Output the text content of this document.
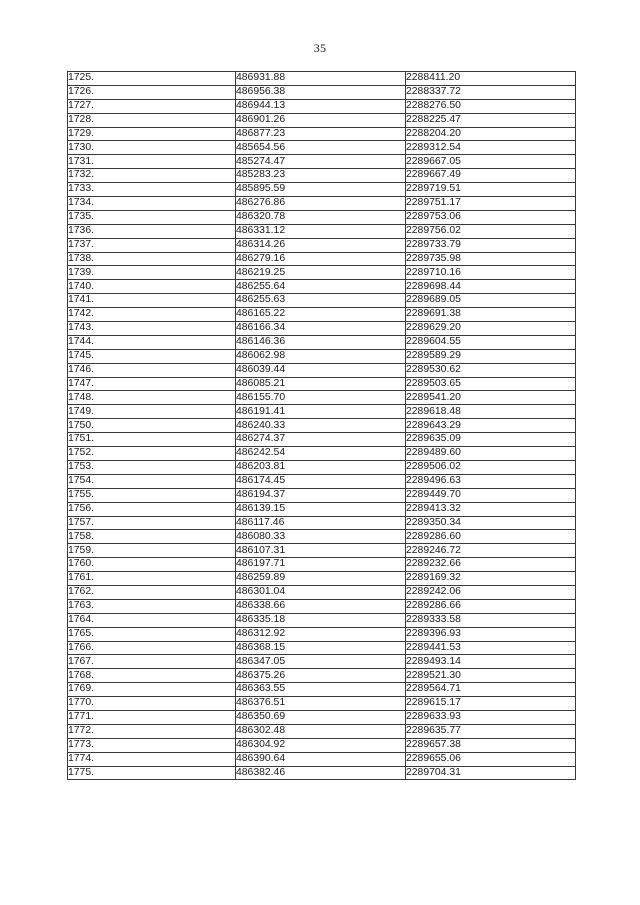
35
1725.	486931.88	2288411.20
1726.	486956.38	2288337.72
1727.	486944.13	2288276.50
1728.	486901.26	2288225.47
1729.	486877.23	2288204.20
1730.	485654.56	2289312.54
1731.	485274.47	2289667.05
1732.	485283.23	2289667.49
1733.	485895.59	2289719.51
1734.	486276.86	2289751.17
1735.	486320.78	2289753.06
1736.	486331.12	2289756.02
1737.	486314.26	2289733.79
1738.	486279.16	2289735.98
1739.	486219.25	2289710.16
1740.	486255.64	2289698.44
1741.	486255.63	2289689.05
1742.	486165.22	2289691.38
1743.	486166.34	2289629.20
1744.	486146.36	2289604.55
1745.	486062.98	2289589.29
1746.	486039.44	2289530.62
1747.	486085.21	2289503.65
1748.	486155.70	2289541.20
1749.	486191.41	2289618.48
1750.	486240.33	2289643.29
1751.	486274.37	2289635.09
1752.	486242.54	2289489.60
1753.	486203.81	2289506.02
1754.	486174.45	2289496.63
1755.	486194.37	2289449.70
1756.	486139.15	2289413.32
1757.	486117.46	2289350.34
1758.	486080.33	2289286.60
1759.	486107.31	2289246.72
1760.	486197.71	2289232.66
1761.	486259.89	2289169.32
1762.	486301.04	2289242.06
1763.	486338.66	2289286.66
1764.	486335.18	2289333.58
1765.	486312.92	2289396.93
1766.	486368.15	2289441.53
1767.	486347.05	2289493.14
1768.	486375.26	2289521.30
1769.	486363.55	2289564.71
1770.	486376.51	2289615.17
1771.	486350.69	2289633.93
1772.	486302.48	2289635.77
1773.	486304.92	2289657.38
1774.	486390.64	2289655.06
1775.	486382.46	2289704.31
